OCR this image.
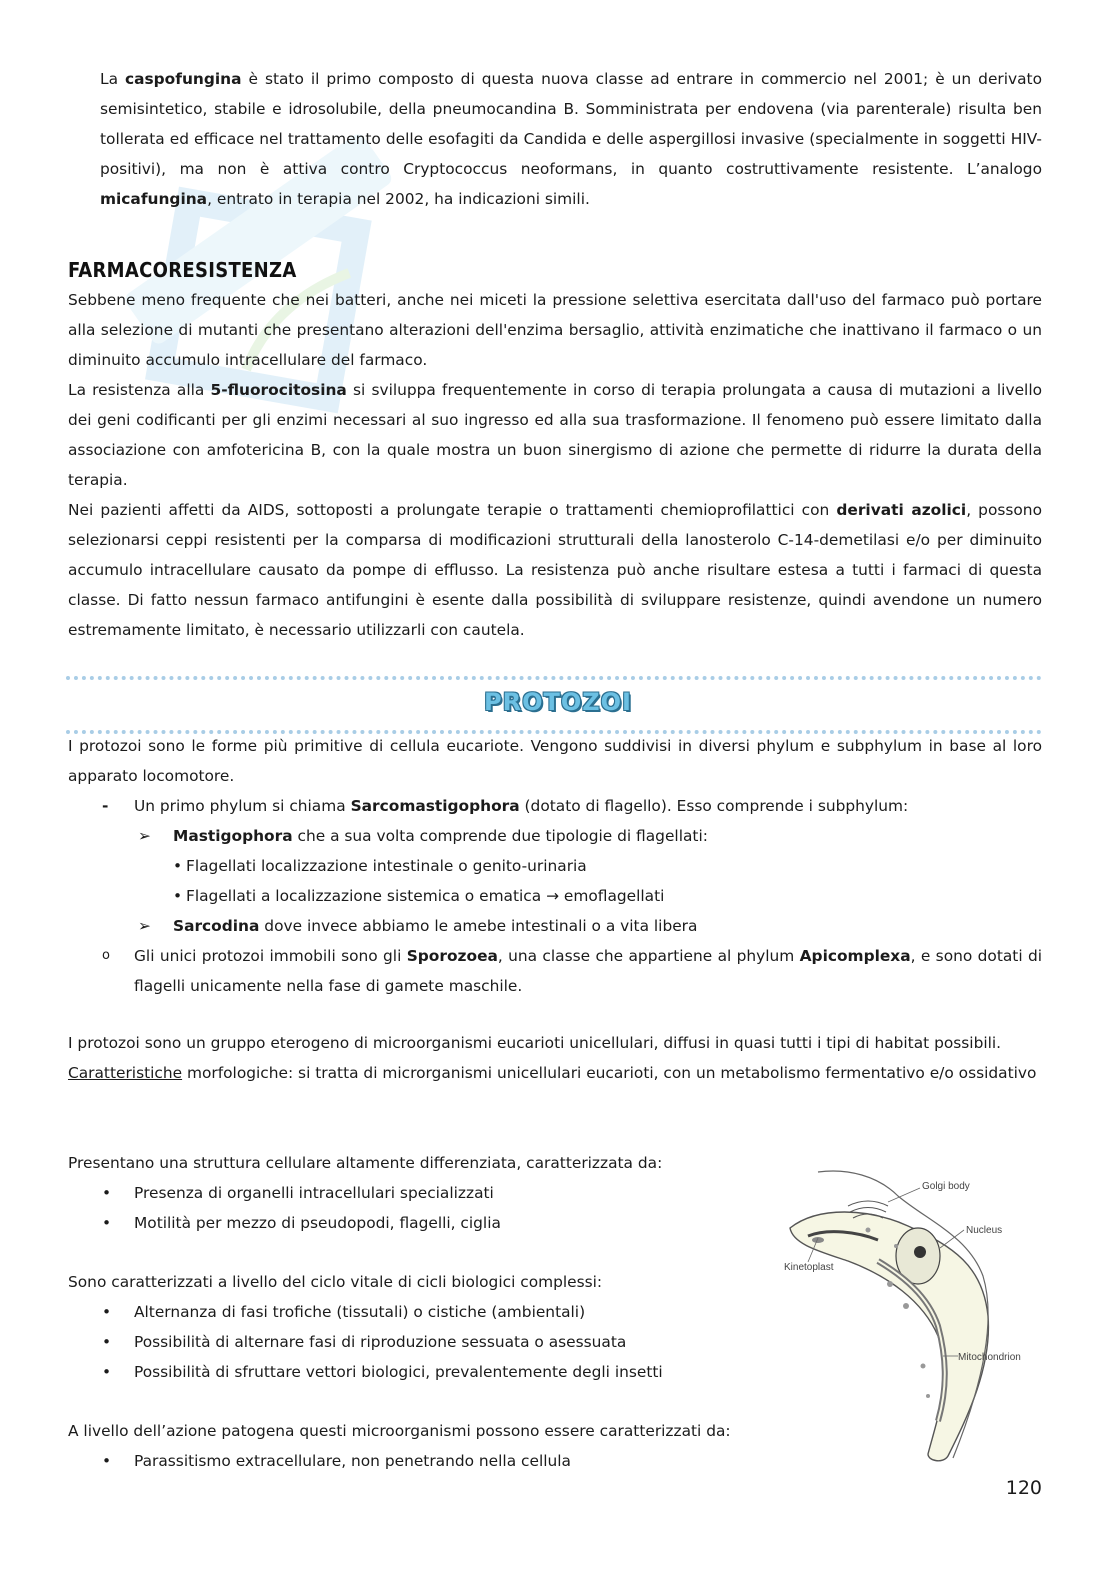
La caspofungina è stato il primo composto di questa nuova classe ad entrare in commercio nel 2001; è un derivato semisintetico, stabile e idrosolubile, della pneumocandina B. Somministrata per endovena (via parenterale) risulta ben tollerata ed efficace nel trattamento delle esofagiti da Candida e delle aspergillosi invasive (specialmente in soggetti HIV- positivi), ma non è attiva contro Cryptococcus neoformans, in quanto costruttivamente resistente. L’analogo micafungina, entrato in terapia nel 2002, ha indicazioni simili.
FARMACORESISTENZA

Sebbene meno frequente che nei batteri, anche nei miceti la pressione selettiva esercitata dall'uso del farmaco può portare alla selezione di mutanti che presentano alterazioni dell'enzima bersaglio, attività enzimatiche che inattivano il farmaco o un diminuito accumulo intracellulare del farmaco.

La resistenza alla 5-fluorocitosina si sviluppa frequentemente in corso di terapia prolungata a causa di mutazioni a livello dei geni codificanti per gli enzimi necessari al suo ingresso ed alla sua trasformazione. Il fenomeno può essere limitato dalla associazione con amfotericina B, con la quale mostra un buon sinergismo di azione che permette di ridurre la durata della terapia.

Nei pazienti affetti da AIDS, sottoposti a prolungate terapie o trattamenti chemioprofilattici con derivati azolici, possono selezionarsi ceppi resistenti per la comparsa di modificazioni strutturali della lanosterolo C-14-demetilasi e/o per diminuito accumulo intracellulare causato da pompe di efflusso. La resistenza può anche risultare estesa a tutti i farmaci di questa classe. Di fatto nessun farmaco antifungini è esente dalla possibilità di sviluppare resistenze, quindi avendone un numero estremamente limitato, è necessario utilizzarli con cautela.

PROTOZOI

I protozoi sono le forme più primitive di cellula eucariote. Vengono suddivisi in diversi phylum e subphylum in base al loro apparato locomotore.

- Un primo phylum si chiama Sarcomastigophora (dotato di flagello). Esso comprende i subphylum:
➢ Mastigophora che a sua volta comprende due tipologie di flagellati:
• Flagellati localizzazione intestinale o genito-urinaria
• Flagellati a localizzazione sistemica o ematica → emoflagellati
➢ Sarcodina dove invece abbiamo le amebe intestinali o a vita libera
o Gli unici protozoi immobili sono gli Sporozoea, una classe che appartiene al phylum Apicomplexa, e sono dotati di flagelli unicamente nella fase di gamete maschile.

I protozoi sono un gruppo eterogeno di microorganismi eucarioti unicellulari, diffusi in quasi tutti i tipi di habitat possibili.

Caratteristiche morfologiche: si tratta di microrganismi unicellulari eucarioti, con un metabolismo fermentativo e/o ossidativo

Presentano una struttura cellulare altamente differenziata, caratterizzata da:

• Presenza di organelli intracellulari specializzati
• Motilità per mezzo di pseudopodi, flagelli, ciglia

Sono caratterizzati a livello del ciclo vitale di cicli biologici complessi:

• Alternanza di fasi trofiche (tissutali) o cistiche (ambientali)
• Possibilità di alternare fasi di riproduzione sessuata o asessuata
• Possibilità di sfruttare vettori biologici, prevalentemente degli insetti

A livello dell’azione patogena questi microorganismi possono essere caratterizzati da:

• Parassitismo extracellulare, non penetrando nella cellula
Golgi body
Nucleus
Kinetoplast
Mitochondrion
120
